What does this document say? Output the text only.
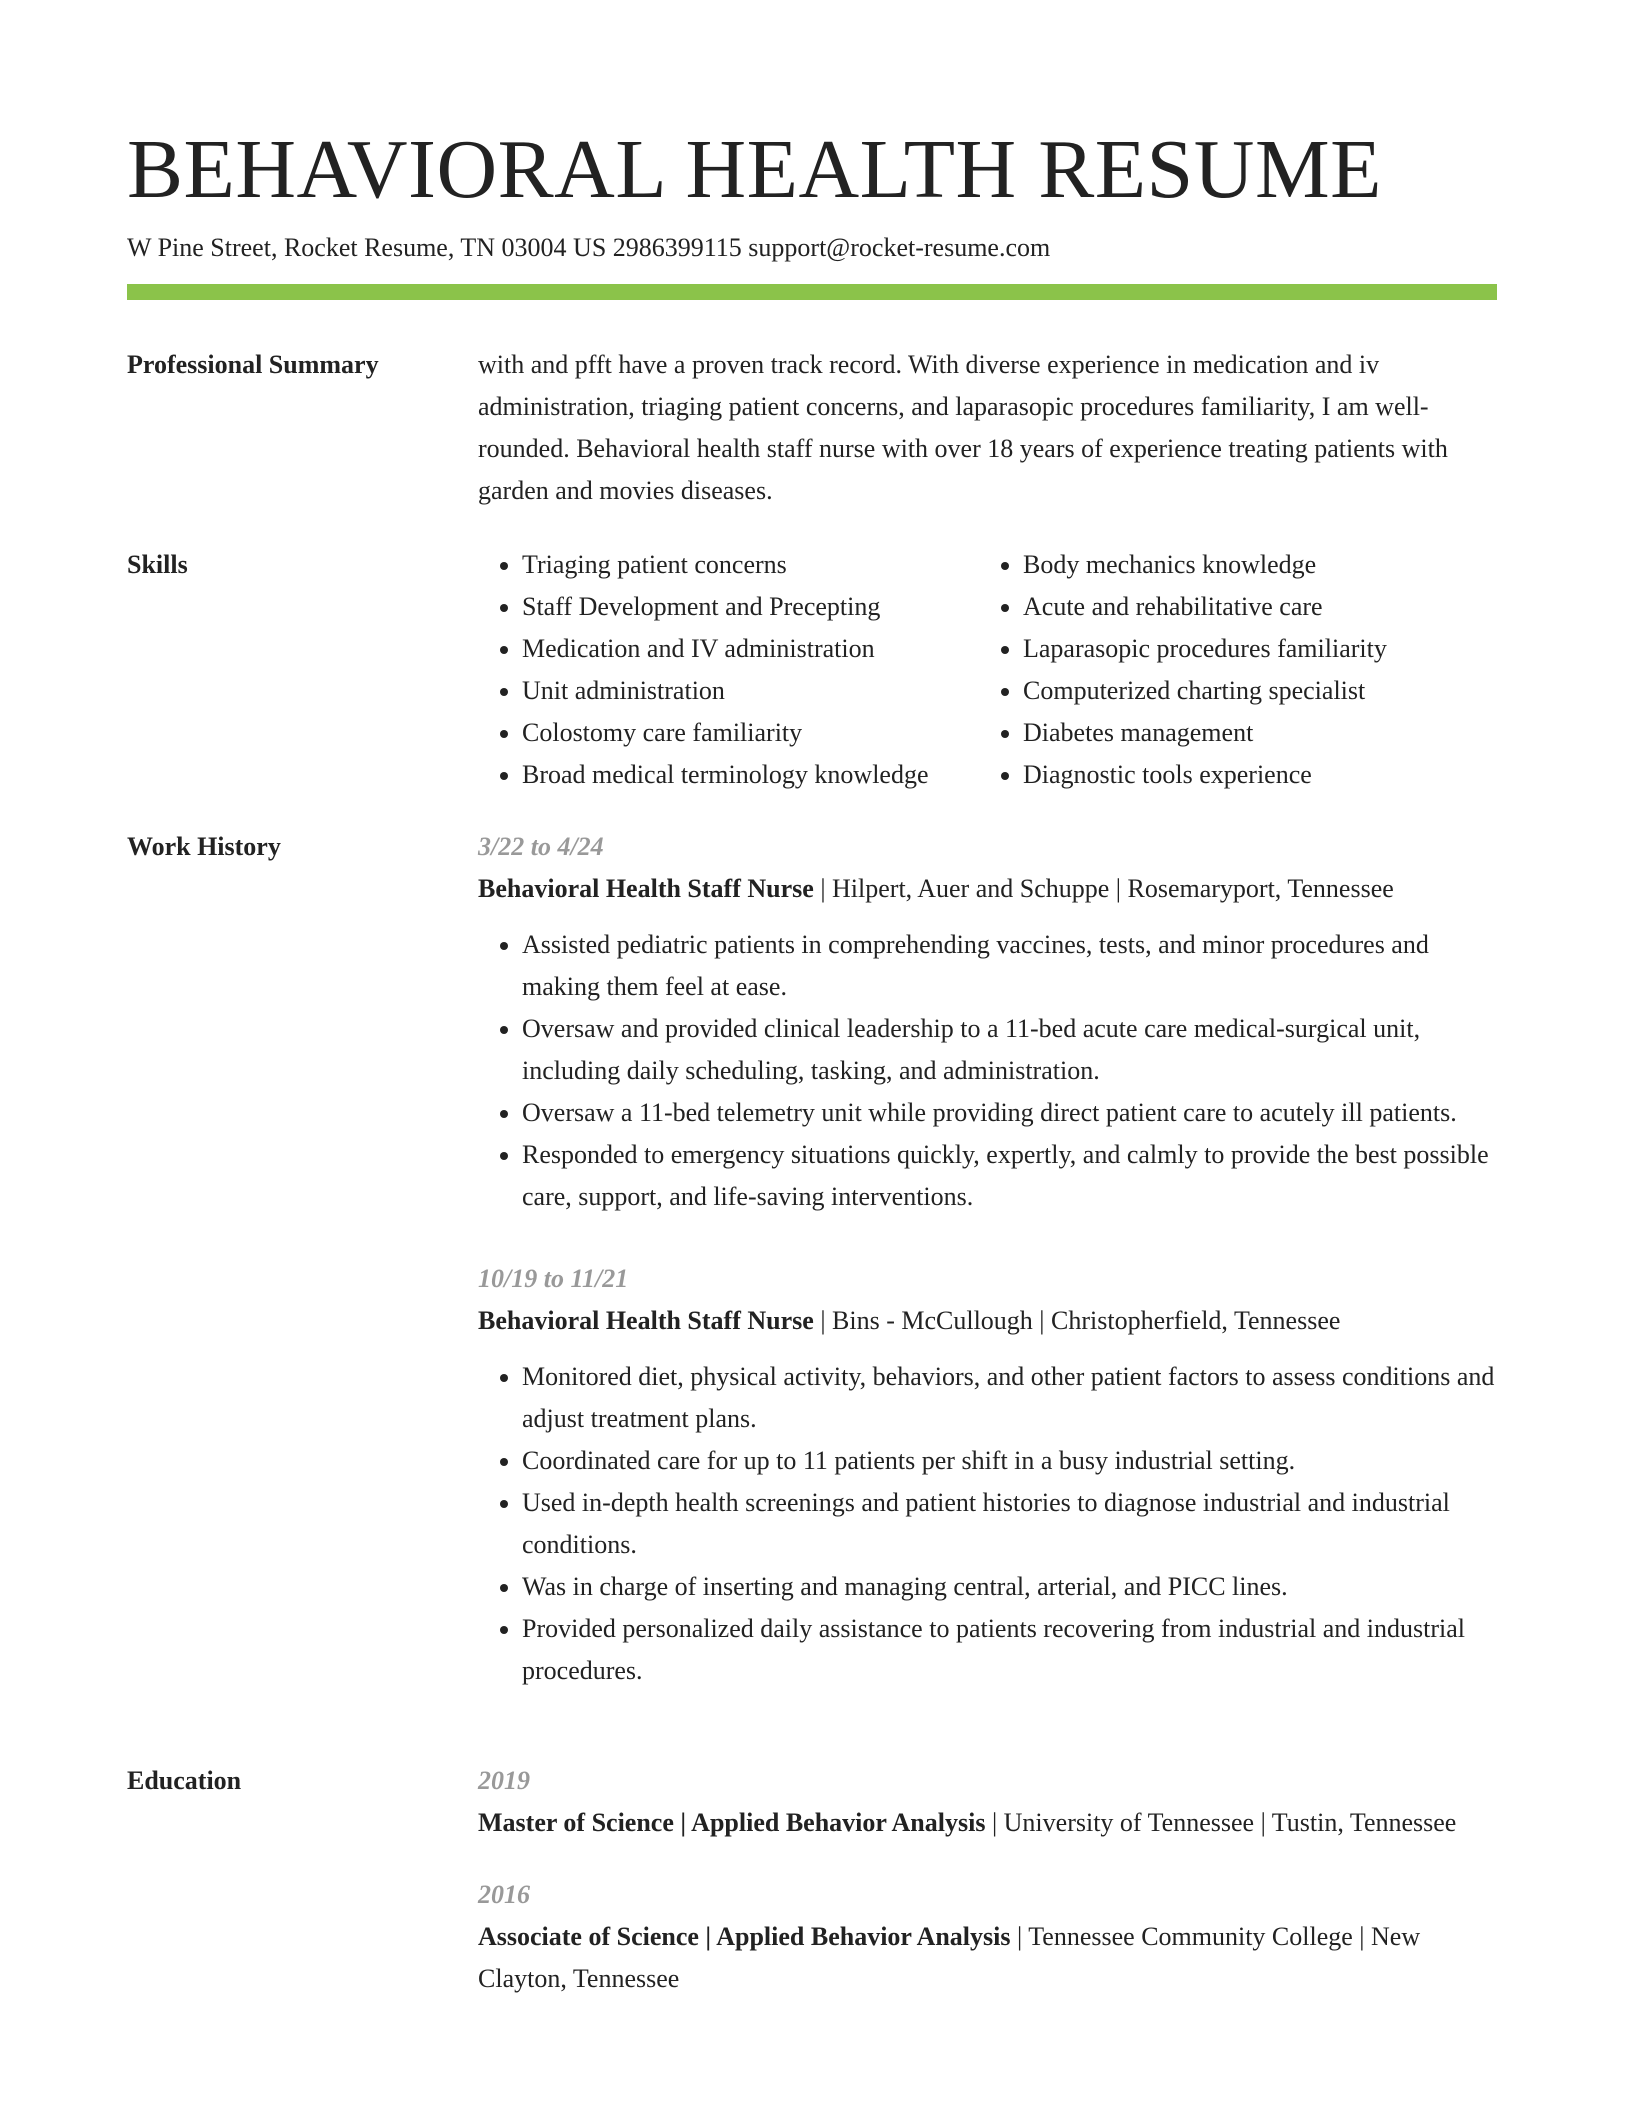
BEHAVIORAL HEALTH RESUME
W Pine Street, Rocket Resume, TN 03004 US 2986399115 support@rocket-resume.com
Professional Summary	with and pfft have a proven track record. With diverse experience in medication and iv administration, triaging patient concerns, and laparasopic procedures familiarity, I am well-rounded. Behavioral health staff nurse with over 18 years of experience treating patients with garden and movies diseases.

Skills
•	Triaging patient concerns
• Staff Development and Precepting
• Medication and IV administration
• Unit administration
• Colostomy care familiarity
• Broad medical terminology knowledge
• Body mechanics knowledge
• Acute and rehabilitative care
• Laparasopic procedures familiarity
• Computerized charting specialist
• Diabetes management
• Diagnostic tools experience
Work History	3/22 to 4/24
Behavioral Health Staff Nurse | Hilpert, Auer and Schuppe | Rosemaryport, Tennessee
• Assisted pediatric patients in comprehending vaccines, tests, and minor procedures and making them feel at ease.
• Oversaw and provided clinical leadership to a 11-bed acute care medical-surgical unit, including daily scheduling, tasking, and administration.
• Oversaw a 11-bed telemetry unit while providing direct patient care to acutely ill patients.
• Responded to emergency situations quickly, expertly, and calmly to provide the best possible care, support, and life-saving interventions.
10/19 to 11/21
Behavioral Health Staff Nurse | Bins - McCullough | Christopherfield, Tennessee
• Monitored diet, physical activity, behaviors, and other patient factors to assess conditions and adjust treatment plans.
• Coordinated care for up to 11 patients per shift in a busy industrial setting.
• Used in-depth health screenings and patient histories to diagnose industrial and industrial conditions.
• Was in charge of inserting and managing central, arterial, and PICC lines.
• Provided personalized daily assistance to patients recovering from industrial and industrial procedures.
Education	2019
Master of Science | Applied Behavior Analysis | University of Tennessee | Tustin, Tennessee
2016
Associate of Science | Applied Behavior Analysis | Tennessee Community College | New Clayton, Tennessee
